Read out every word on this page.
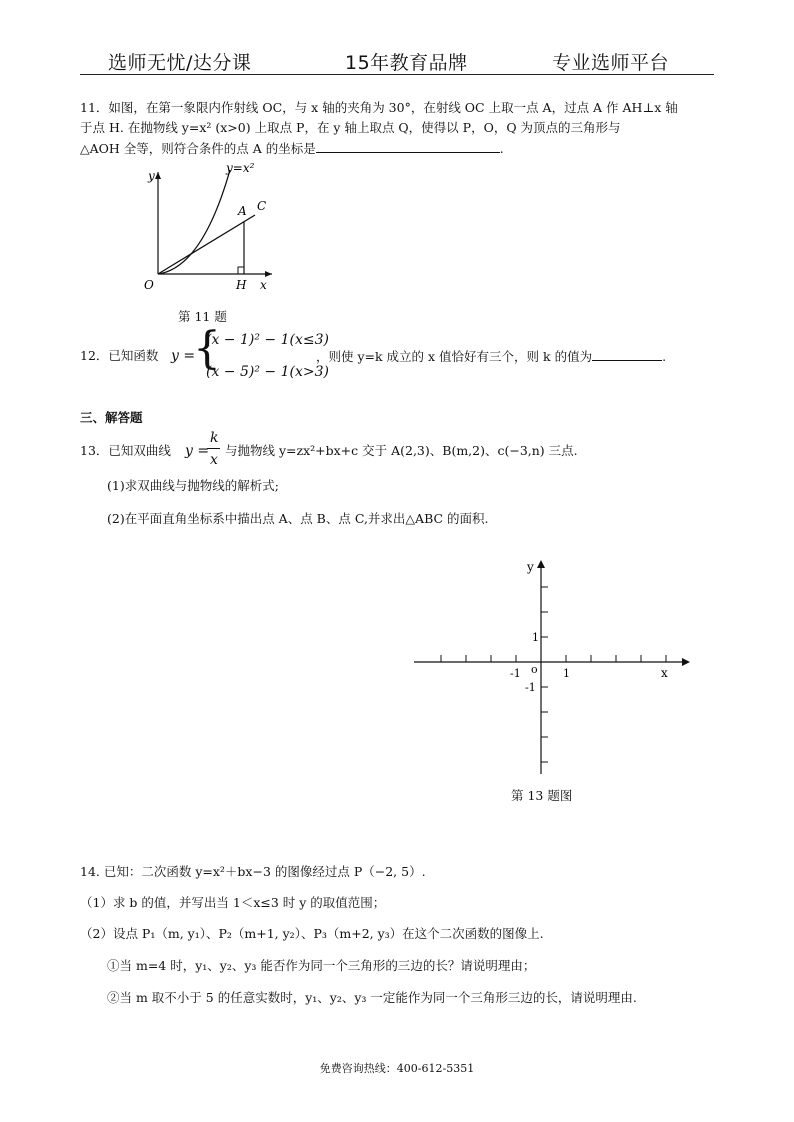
选师无忧/达分课	15年教育品牌	专业选师平台
11．如图，在第一象限内作射线 OC，与 x 轴的夹角为 30°，在射线 OC 上取一点 A，过点 A 作 AH⊥x 轴
于点 H. 在抛物线 y=x² (x>0) 上取点 P，在 y 轴上取点 Q，使得以 P，O，Q 为顶点的三角形与
△AOH 全等，则符合条件的点 A 的坐标是	.
y=x²
y
x
O
A C
H
第 11 题
12．已知函数 y =
{
(x − 1)² − 1(x≤3)
(x − 5)² − 1(x>3)
，则使 y=k 成立的 x 值恰好有三个，则 k 的值为	.
三、解答题
13．已知双曲线 y =
k
x
与抛物线 y=zx²+bx+c 交于 A(2,3)、B(m,2)、c(−3,n) 三点.
(1)求双曲线与抛物线的解析式;
(2)在平面直角坐标系中描出点 A、点 B、点 C,并求出△ABC 的面积.
y
x
o
1
-1	1
-1
第 13 题图
14. 已知：二次函数 y=x²＋bx−3 的图像经过点 P（−2, 5）.
（1）求 b 的值，并写出当 1＜x≤3 时 y 的取值范围；
（2）设点 P₁（m, y₁）、P₂（m+1, y₂）、P₃（m+2, y₃）在这个二次函数的图像上.
①当 m=4 时，y₁、y₂、y₃ 能否作为同一个三角形的三边的长？请说明理由；
②当 m 取不小于 5 的任意实数时，y₁、y₂、y₃ 一定能作为同一个三角形三边的长，请说明理由.
免费咨询热线：400-612-5351
